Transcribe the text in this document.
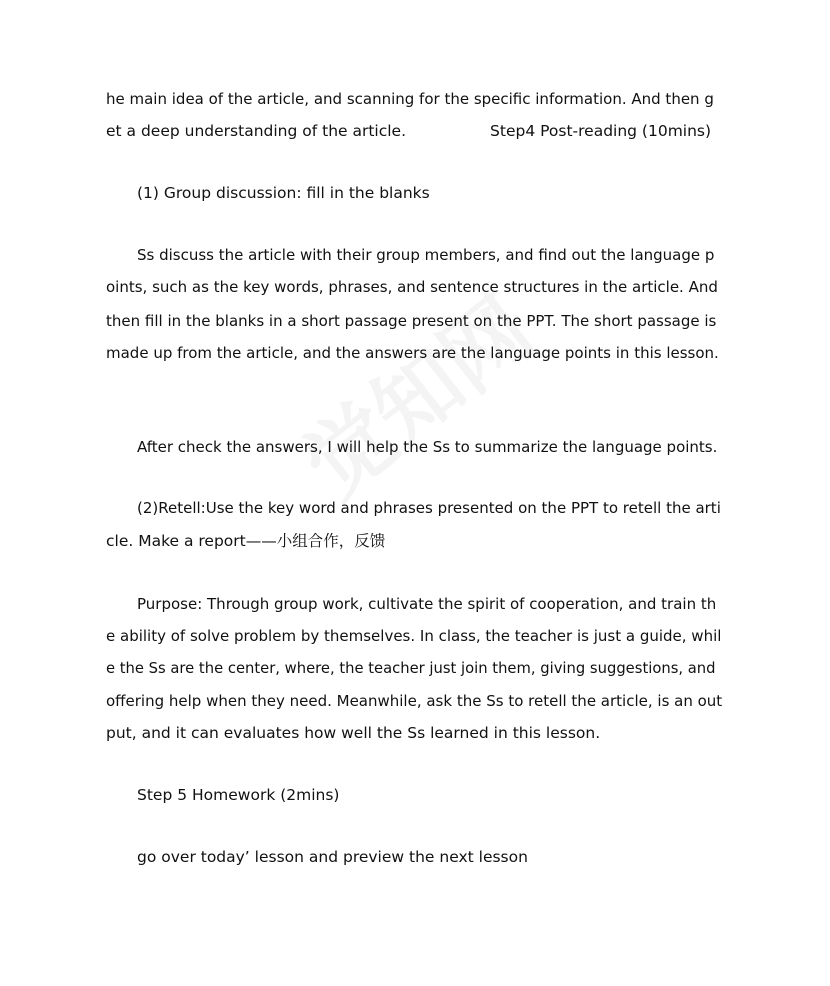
he main idea of the article, and scanning for the specific information. And then g
et a deep understanding of the article.	Step4 Post-reading (10mins)
(1) Group discussion: fill in the blanks
Ss discuss the article with their group members, and find out the language p
oints, such as the key words, phrases, and sentence structures in the article. And
then fill in the blanks in a short passage present on the PPT. The short passage is
made up from the article, and the answers are the language points in this lesson.
After check the answers, I will help the Ss to summarize the language points.
(2)Retell:Use the key word and phrases presented on the PPT to retell the arti
cle. Make a report——小组合作，反馈
Purpose: Through group work, cultivate the spirit of cooperation, and train th
e ability of solve problem by themselves. In class, the teacher is just a guide, whil
e the Ss are the center, where, the teacher just join them, giving suggestions, and
offering help when they need. Meanwhile, ask the Ss to retell the article, is an out
put, and it can evaluates how well the Ss learned in this lesson.
Step 5 Homework (2mins)
go over today’ lesson and preview the next lesson
